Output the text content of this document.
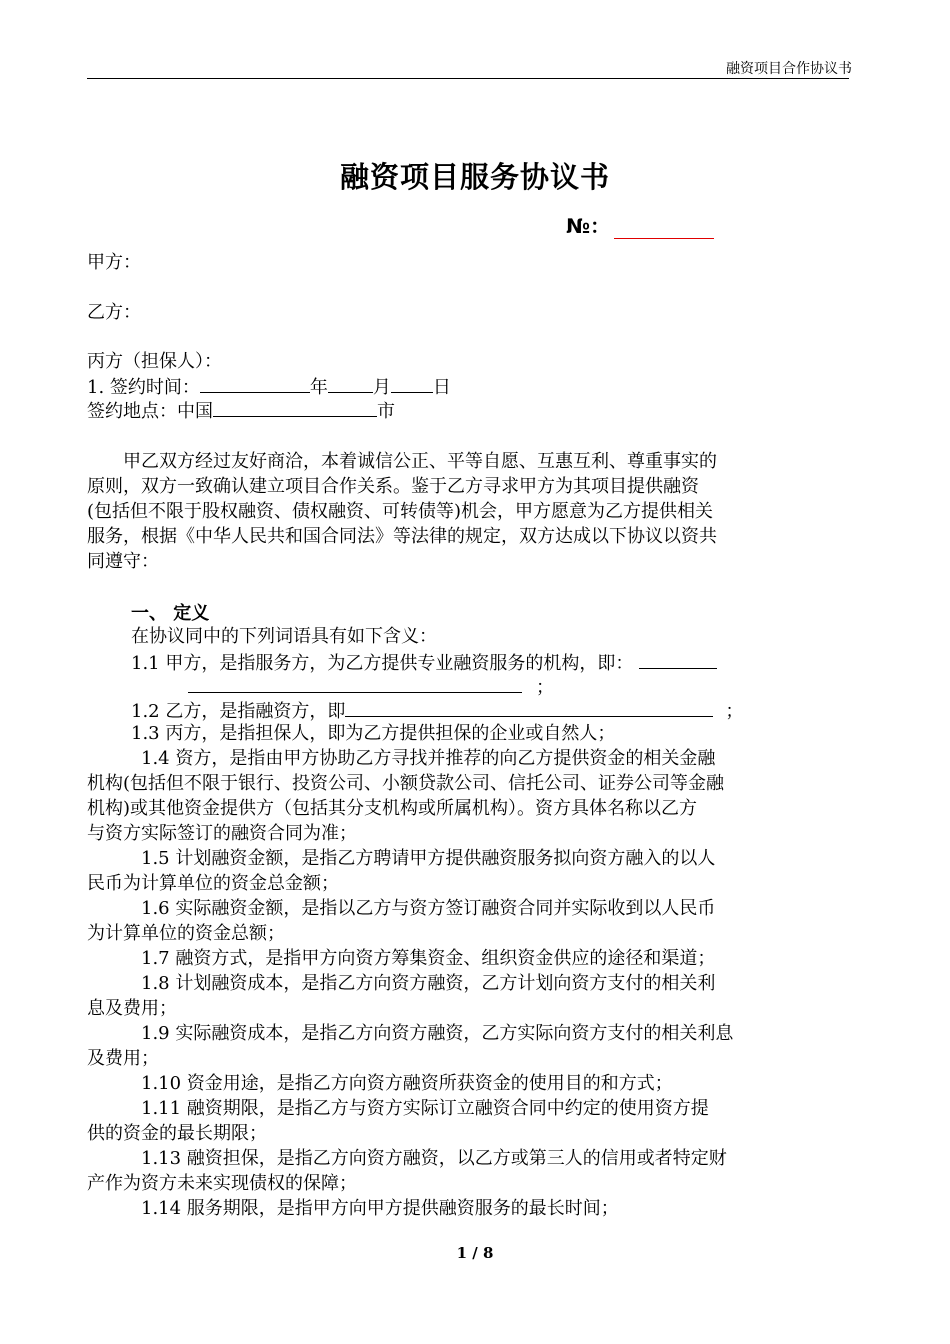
融资项目合作协议书
融资项目服务协议书
№：
甲方：
乙方：
丙方（担保人）：
1. 签约时间：	年	月 日
签约地点：中国	市
　　甲乙双方经过友好商洽，本着诚信公正、平等自愿、互惠互利、尊重事实的
原则，双方一致确认建立项目合作关系。鉴于乙方寻求甲方为其项目提供融资
(包括但不限于股权融资、债权融资、可转债等)机会，甲方愿意为乙方提供相关
服务，根据《中华人民共和国合同法》等法律的规定，双方达成以下协议以资共
同遵守：
一、 定义
在协议同中的下列词语具有如下含义：
1.1 甲方，是指服务方，为乙方提供专业融资服务的机构，即：
；
1.2 乙方，是指融资方，即	；
1.3 丙方，是指担保人，即为乙方提供担保的企业或自然人；
　　　1.4 资方，是指由甲方协助乙方寻找并推荐的向乙方提供资金的相关金融
机构(包括但不限于银行、投资公司、小额贷款公司、信托公司、证券公司等金融
机构)或其他资金提供方（包括其分支机构或所属机构）。资方具体名称以乙方
与资方实际签订的融资合同为准；
　　　1.5 计划融资金额，是指乙方聘请甲方提供融资服务拟向资方融入的以人
民币为计算单位的资金总金额；
　　　1.6 实际融资金额，是指以乙方与资方签订融资合同并实际收到以人民币
为计算单位的资金总额；
　　　1.7 融资方式，是指甲方向资方筹集资金、组织资金供应的途径和渠道；
　　　1.8 计划融资成本，是指乙方向资方融资，乙方计划向资方支付的相关利
息及费用；
　　　1.9 实际融资成本，是指乙方向资方融资，乙方实际向资方支付的相关利息
及费用；
　　　1.10 资金用途，是指乙方向资方融资所获资金的使用目的和方式；
　　　1.11 融资期限，是指乙方与资方实际订立融资合同中约定的使用资方提
供的资金的最长期限；
　　　1.13 融资担保，是指乙方向资方融资，以乙方或第三人的信用或者特定财
产作为资方未来实现债权的保障；
　　　1.14 服务期限，是指甲方向甲方提供融资服务的最长时间；
1 / 8
